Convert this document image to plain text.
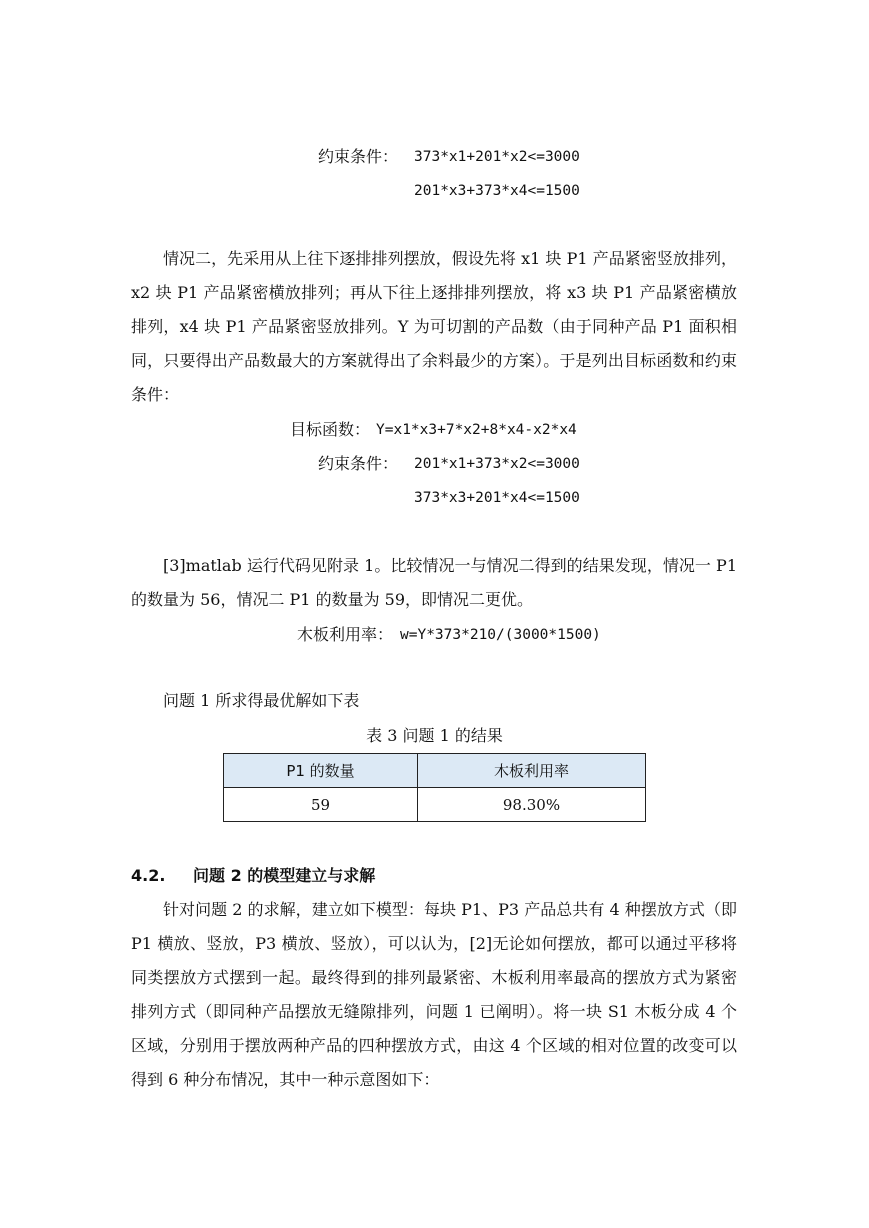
约束条件： 373*x1+201*x2<=3000
201*x3+373*x4<=1500
情况二，先采用从上往下逐排排列摆放，假设先将 x1 块 P1 产品紧密竖放排列，x2 块 P1 产品紧密横放排列；再从下往上逐排排列摆放，将 x3 块 P1 产品紧密横放排列，x4 块 P1 产品紧密竖放排列。Y 为可切割的产品数（由于同种产品 P1 面积相同，只要得出产品数最大的方案就得出了余料最少的方案）。于是列出目标函数和约束条件：
目标函数： Y=x1*x3+7*x2+8*x4-x2*x4
约束条件： 201*x1+373*x2<=3000
373*x3+201*x4<=1500
[3]matlab 运行代码见附录 1。比较情况一与情况二得到的结果发现，情况一 P1 的数量为 56，情况二 P1 的数量为 59，即情况二更优。
木板利用率： w=Y*373*210/(3000*1500)
问题 1 所求得最优解如下表
表 3 问题 1 的结果
P1 的数量	木板利用率
59	98.30%
4.2. 问题 2 的模型建立与求解
针对问题 2 的求解，建立如下模型：每块 P1、P3 产品总共有 4 种摆放方式（即 P1 横放、竖放，P3 横放、竖放），可以认为，[2]无论如何摆放，都可以通过平移将同类摆放方式摆到一起。最终得到的排列最紧密、木板利用率最高的摆放方式为紧密排列方式（即同种产品摆放无缝隙排列，问题 1 已阐明）。将一块 S1 木板分成 4 个区域，分别用于摆放两种产品的四种摆放方式，由这 4 个区域的相对位置的改变可以得到 6 种分布情况，其中一种示意图如下：
